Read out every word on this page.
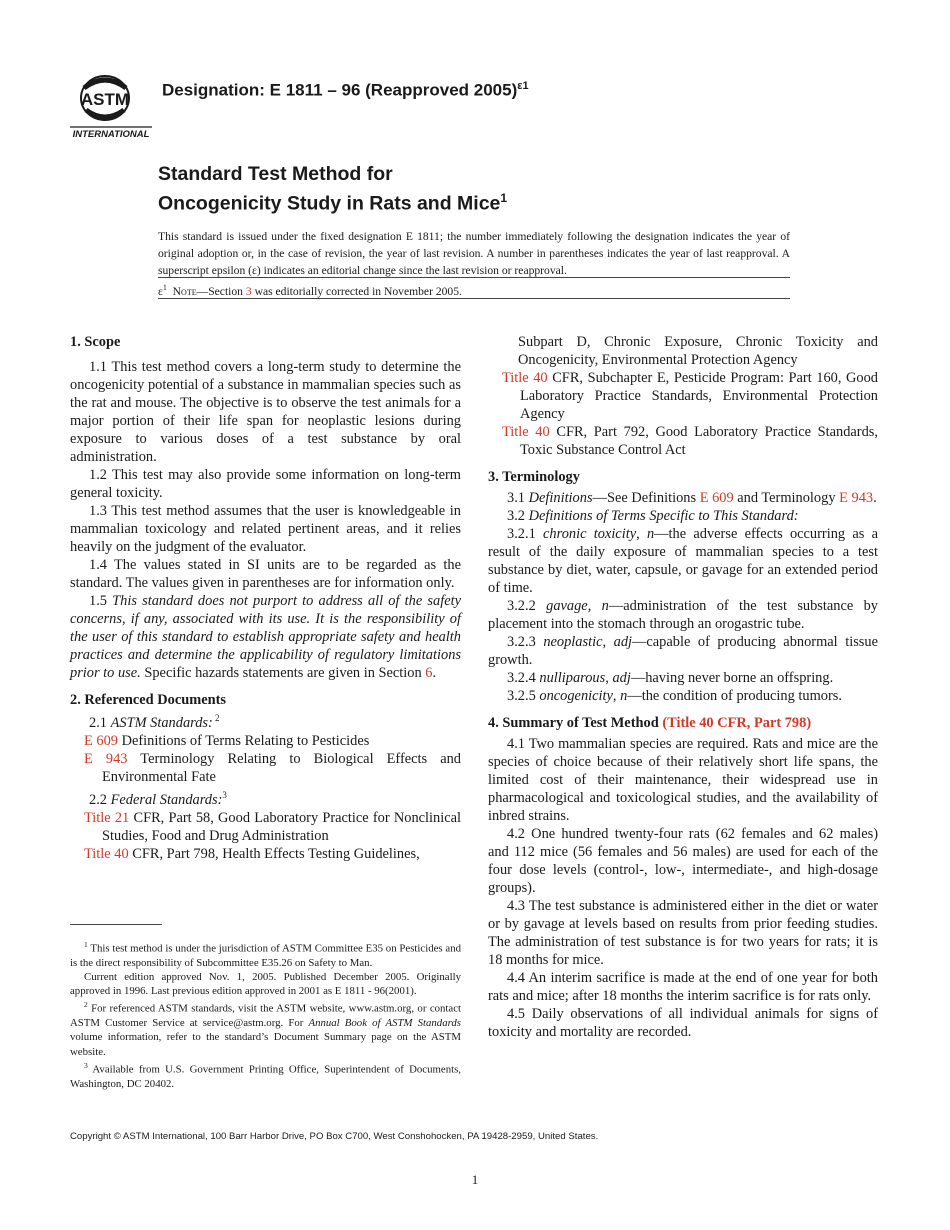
ASTM
INTERNATIONAL
Designation: E 1811 – 96 (Reapproved 2005)$^{\varepsilon 1}$
Standard Test Method for
Oncogenicity Study in Rats and Mice$^1$
This standard is issued under the fixed designation E 1811; the number immediately following the designation indicates the year of original adoption or, in the case of revision, the year of last revision. A number in parentheses indicates the year of last reapproval. A superscript epsilon (ε) indicates an editorial change since the last revision or reapproval.
$\varepsilon^1$ Note—Section 3 was editorially corrected in November 2005.
1. Scope

1.1 This test method covers a long-term study to determine the oncogenicity potential of a substance in mammalian species such as the rat and mouse. The objective is to observe the test animals for a major portion of their life span for neoplastic lesions during exposure to various doses of a test substance by oral administration.

1.2 This test may also provide some information on long-term general toxicity.

1.3 This test method assumes that the user is knowledgeable in mammalian toxicology and related pertinent areas, and it relies heavily on the judgment of the evaluator.

1.4 The values stated in SI units are to be regarded as the standard. The values given in parentheses are for information only.

1.5 This standard does not purport to address all of the safety concerns, if any, associated with its use. It is the responsibility of the user of this standard to establish appropriate safety and health practices and determine the applicability of regulatory limitations prior to use. Specific hazards statements are given in Section 6.

2. Referenced Documents

2.1 ASTM Standards: $^2$

E 609 Definitions of Terms Relating to Pesticides

E 943 Terminology Relating to Biological Effects and Environmental Fate

2.2 Federal Standards:$^3$

Title 21 CFR, Part 58, Good Laboratory Practice for Nonclinical Studies, Food and Drug Administration

Title 40 CFR, Part 798, Health Effects Testing Guidelines,

Subpart D, Chronic Exposure, Chronic Toxicity and Oncogenicity, Environmental Protection Agency

Title 40 CFR, Subchapter E, Pesticide Program: Part 160, Good Laboratory Practice Standards, Environmental Protection Agency

Title 40 CFR, Part 792, Good Laboratory Practice Standards, Toxic Substance Control Act

3. Terminology

3.1 Definitions—See Definitions E 609 and Terminology E 943.

3.2 Definitions of Terms Specific to This Standard:

3.2.1 chronic toxicity, n—the adverse effects occurring as a result of the daily exposure of mammalian species to a test substance by diet, water, capsule, or gavage for an extended period of time.

3.2.2 gavage, n—administration of the test substance by placement into the stomach through an orogastric tube.

3.2.3 neoplastic, adj—capable of producing abnormal tissue growth.

3.2.4 nulliparous, adj—having never borne an offspring.

3.2.5 oncogenicity, n—the condition of producing tumors.

4. Summary of Test Method (Title 40 CFR, Part 798)

4.1 Two mammalian species are required. Rats and mice are the species of choice because of their relatively short life spans, the limited cost of their maintenance, their widespread use in pharmacological and toxicological studies, and the availability of inbred strains.

4.2 One hundred twenty-four rats (62 females and 62 males) and 112 mice (56 females and 56 males) are used for each of the four dose levels (control-, low-, intermediate-, and high-dosage groups).

4.3 The test substance is administered either in the diet or water or by gavage at levels based on results from prior feeding studies. The administration of test substance is for two years for rats; it is 18 months for mice.

4.4 An interim sacrifice is made at the end of one year for both rats and mice; after 18 months the interim sacrifice is for rats only.

4.5 Daily observations of all individual animals for signs of toxicity and mortality are recorded.

$^1$ This test method is under the jurisdiction of ASTM Committee E35 on Pesticides and is the direct responsibility of Subcommittee E35.26 on Safety to Man.

Current edition approved Nov. 1, 2005. Published December 2005. Originally approved in 1996. Last previous edition approved in 2001 as E 1811 - 96(2001).

$^2$ For referenced ASTM standards, visit the ASTM website, www.astm.org, or contact ASTM Customer Service at service@astm.org. For Annual Book of ASTM Standards volume information, refer to the standard’s Document Summary page on the ASTM website.

$^3$ Available from U.S. Government Printing Office, Superintendent of Documents, Washington, DC 20402.

Copyright © ASTM International, 100 Barr Harbor Drive, PO Box C700, West Conshohocken, PA 19428-2959, United States.
1
